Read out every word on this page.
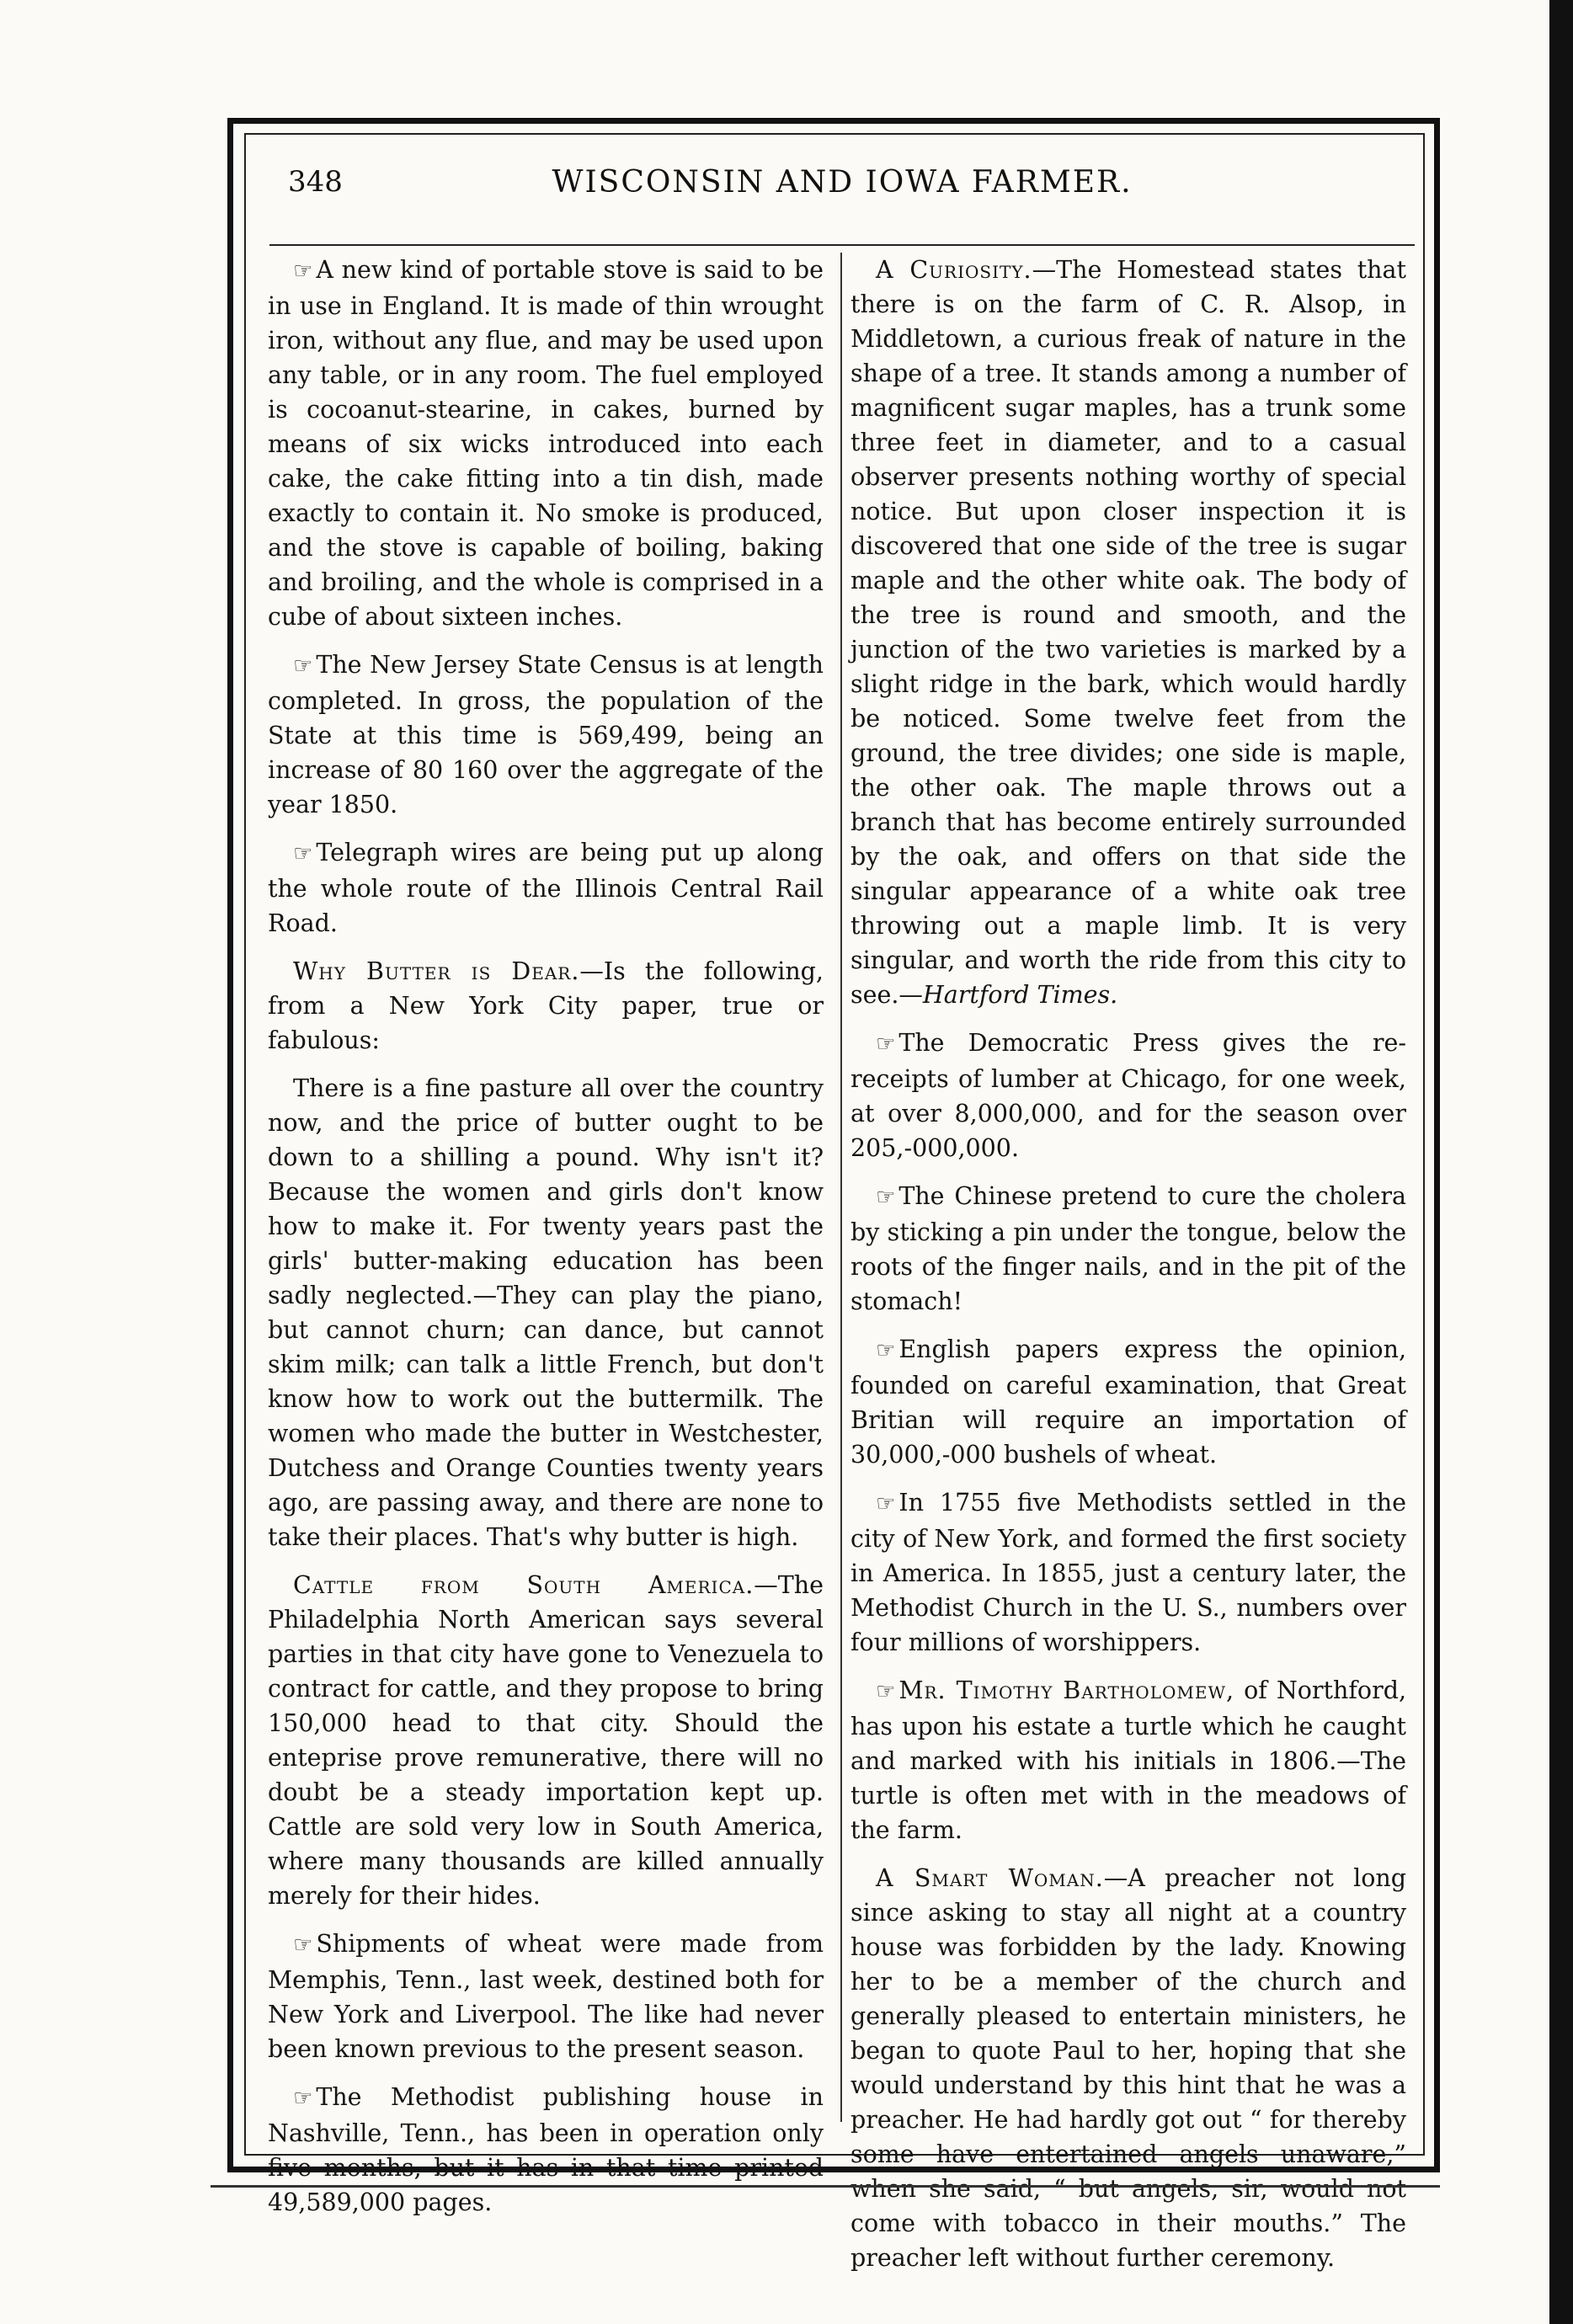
348	WISCONSIN AND IOWA FARMER.

☞ A new kind of portable stove is said to be in use in England. It is made of thin wrought iron, without any flue, and may be used upon any table, or in any room. The fuel employed is cocoanut-stearine, in cakes, burned by means of six wicks introduced into each cake, the cake fitting into a tin dish, made exactly to contain it. No smoke is produced, and the stove is capable of boiling, baking and broiling, and the whole is comprised in a cube of about sixteen inches.

☞ The New Jersey State Census is at length completed. In gross, the population of the State at this time is 569,499, being an increase of 80 160 over the aggregate of the year 1850.

☞ Telegraph wires are being put up along the whole route of the Illinois Central Rail Road.

Why Butter is Dear.—Is the following, from a New York City paper, true or fabulous:

There is a fine pasture all over the country now, and the price of butter ought to be down to a shilling a pound. Why isn't it? Because the women and girls don't know how to make it. For twenty years past the girls' butter-making education has been sadly neglected.—They can play the piano, but cannot churn; can dance, but cannot skim milk; can talk a little French, but don't know how to work out the buttermilk. The women who made the butter in Westchester, Dutchess and Orange Counties twenty years ago, are passing away, and there are none to take their places. That's why butter is high.

Cattle from South America.—The Philadelphia North American says several parties in that city have gone to Venezuela to contract for cattle, and they propose to bring 150,000 head to that city. Should the enteprise prove remunerative, there will no doubt be a steady importation kept up. Cattle are sold very low in South America, where many thousands are killed annually merely for their hides.

☞ Shipments of wheat were made from Memphis, Tenn., last week, destined both for New York and Liverpool. The like had never been known previous to the present season.

☞ The Methodist publishing house in Nashville, Tenn., has been in operation only five months, but it has in that time printed 49,589,000 pages.

A Curiosity.—The Homestead states that there is on the farm of C. R. Alsop, in Middletown, a curious freak of nature in the shape of a tree. It stands among a number of magnificent sugar maples, has a trunk some three feet in diameter, and to a casual observer presents nothing worthy of special notice. But upon closer inspection it is discovered that one side of the tree is sugar maple and the other white oak. The body of the tree is round and smooth, and the junction of the two varieties is marked by a slight ridge in the bark, which would hardly be noticed. Some twelve feet from the ground, the tree divides; one side is maple, the other oak. The maple throws out a branch that has become entirely surrounded by the oak, and offers on that side the singular appearance of a white oak tree throwing out a maple limb. It is very singular, and worth the ride from this city to see.—Hartford Times.

☞ The Democratic Press gives the re-receipts of lumber at Chicago, for one week, at over 8,000,000, and for the season over 205,-000,000.

☞ The Chinese pretend to cure the cholera by sticking a pin under the tongue, below the roots of the finger nails, and in the pit of the stomach!

☞ English papers express the opinion, founded on careful examination, that Great Britian will require an importation of 30,000,-000 bushels of wheat.

☞ In 1755 five Methodists settled in the city of New York, and formed the first society in America. In 1855, just a century later, the Methodist Church in the U. S., numbers over four millions of worshippers.

☞ Mr. Timothy Bartholomew, of Northford, has upon his estate a turtle which he caught and marked with his initials in 1806.—The turtle is often met with in the meadows of the farm.

A Smart Woman.—A preacher not long since asking to stay all night at a country house was forbidden by the lady. Knowing her to be a member of the church and generally pleased to entertain ministers, he began to quote Paul to her, hoping that she would understand by this hint that he was a preacher. He had hardly got out “ for thereby some have entertained angels unaware,” when she said, “ but angels, sir, would not come with tobacco in their mouths.” The preacher left without further ceremony.
